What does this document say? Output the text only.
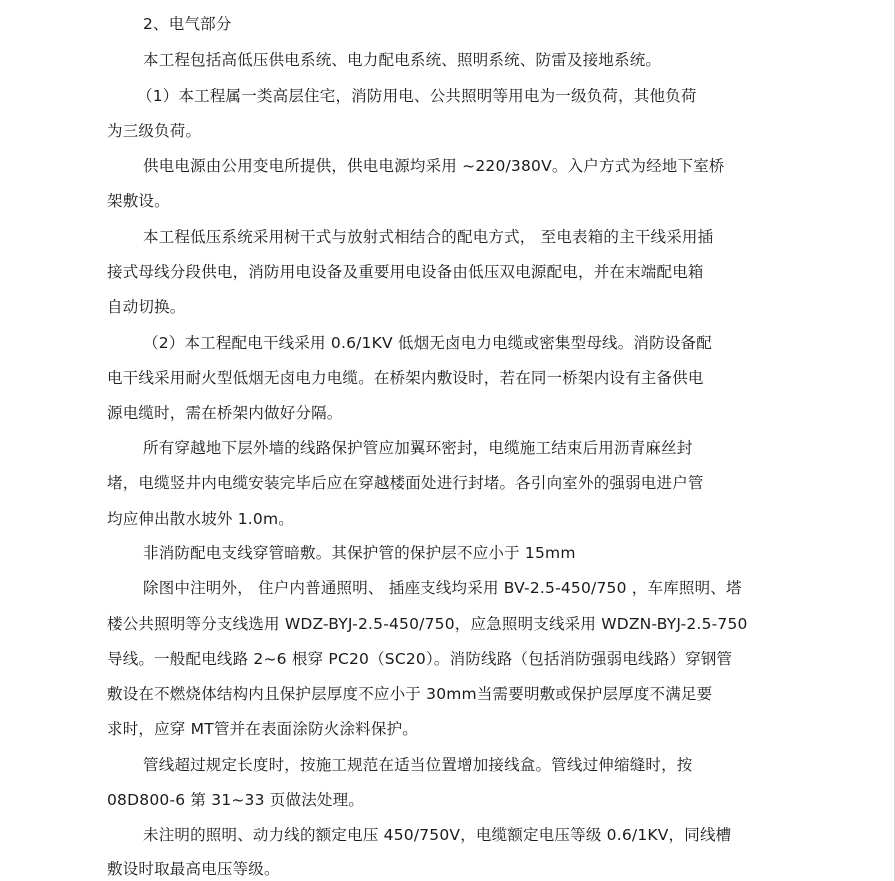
2、电气部分
本工程包括高低压供电系统、电力配电系统、照明系统、防雷及接地系统。
（1）本工程属一类高层住宅，消防用电、公共照明等用电为一级负荷，其他负荷
为三级负荷。
供电电源由公用变电所提供，供电电源均采用 ~220/380V。入户方式为经地下室桥
架敷设。
本工程低压系统采用树干式与放射式相结合的配电方式， 至电表箱的主干线采用插
接式母线分段供电，消防用电设备及重要用电设备由低压双电源配电，并在末端配电箱
自动切换。
（2）本工程配电干线采用 0.6/1KV 低烟无卤电力电缆或密集型母线。消防设备配
电干线采用耐火型低烟无卤电力电缆。在桥架内敷设时，若在同一桥架内设有主备供电
源电缆时，需在桥架内做好分隔。
所有穿越地下层外墙的线路保护管应加翼环密封，电缆施工结束后用沥青麻丝封
堵，电缆竖井内电缆安装完毕后应在穿越楼面处进行封堵。各引向室外的强弱电进户管
均应伸出散水坡外 1.0m。
非消防配电支线穿管暗敷。其保护管的保护层不应小于 15mm
除图中注明外， 住户内普通照明、 插座支线均采用 BV-2.5-450/750 ，车库照明、塔
楼公共照明等分支线选用 WDZ-BYJ-2.5-450/750，应急照明支线采用 WDZN-BYJ-2.5-750
导线。一般配电线路 2~6 根穿 PC20（SC20）。消防线路（包括消防强弱电线路）穿钢管
敷设在不燃烧体结构内且保护层厚度不应小于 30mm当需要明敷或保护层厚度不满足要
求时，应穿 MT管并在表面涂防火涂料保护。
管线超过规定长度时，按施工规范在适当位置增加接线盒。管线过伸缩缝时，按
08D800-6 第 31~33 页做法处理。
未注明的照明、动力线的额定电压 450/750V，电缆额定电压等级 0.6/1KV，同线槽
敷设时取最高电压等级。
